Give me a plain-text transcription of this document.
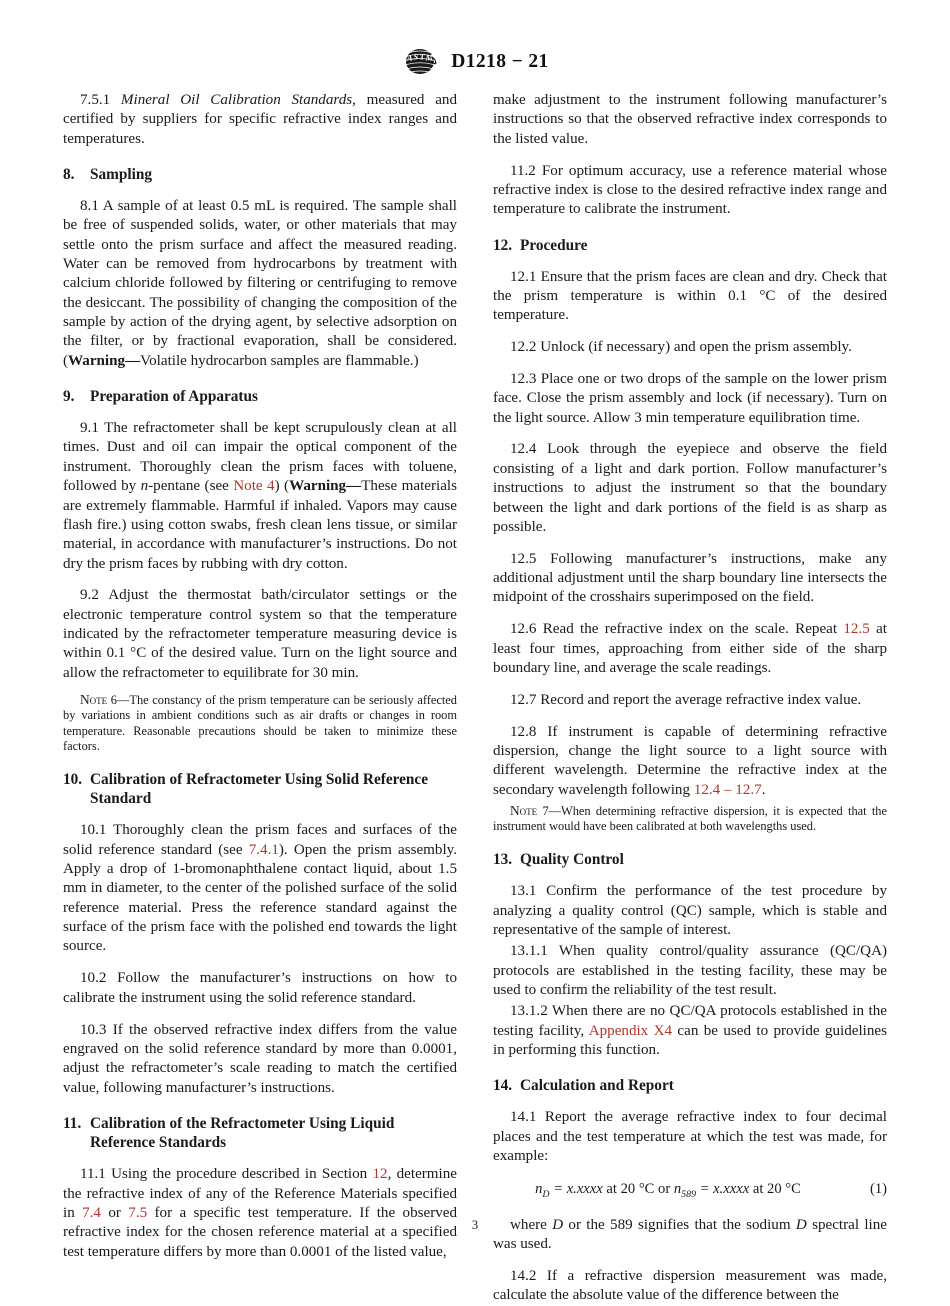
A S T M D1218 − 21

7.5.1 Mineral Oil Calibration Standards, measured and certified by suppliers for specific refractive index ranges and temperatures.

8. Sampling

8.1 A sample of at least 0.5 mL is required. The sample shall be free of suspended solids, water, or other materials that may settle onto the prism surface and affect the measured reading. Water can be removed from hydrocarbons by treatment with calcium chloride followed by filtering or centrifuging to remove the desiccant. The possibility of changing the composition of the sample by action of the drying agent, by selective adsorption on the filter, or by fractional evaporation, shall be considered. (Warning—Volatile hydrocarbon samples are flammable.)

9. Preparation of Apparatus

9.1 The refractometer shall be kept scrupulously clean at all times. Dust and oil can impair the optical component of the instrument. Thoroughly clean the prism faces with toluene, followed by n-pentane (see Note 4) (Warning—These materials are extremely flammable. Harmful if inhaled. Vapors may cause flash fire.) using cotton swabs, fresh clean lens tissue, or similar material, in accordance with manufacturer’s instructions. Do not dry the prism faces by rubbing with dry cotton.

9.2 Adjust the thermostat bath/circulator settings or the electronic temperature control system so that the temperature indicated by the refractometer temperature measuring device is within 0.1 °C of the desired value. Turn on the light source and allow the refractometer to equilibrate for 30 min.

Note 6—The constancy of the prism temperature can be seriously affected by variations in ambient conditions such as air drafts or changes in room temperature. Reasonable precautions should be taken to minimize these factors.

10. Calibration of Refractometer Using Solid Reference
Standard

10.1 Thoroughly clean the prism faces and surfaces of the solid reference standard (see 7.4.1). Open the prism assembly. Apply a drop of 1-bromonaphthalene contact liquid, about 1.5 mm in diameter, to the center of the polished surface of the solid reference material. Press the reference standard against the surface of the prism face with the polished end towards the light source.

10.2 Follow the manufacturer’s instructions on how to calibrate the instrument using the solid reference standard.

10.3 If the observed refractive index differs from the value engraved on the solid reference standard by more than 0.0001, adjust the refractometer’s scale reading to match the certified value, following manufacturer’s instructions.

11. Calibration of the Refractometer Using Liquid
Reference Standards

11.1 Using the procedure described in Section 12, determine the refractive index of any of the Reference Materials specified in 7.4 or 7.5 for a specific test temperature. If the observed refractive index for the chosen reference material at a specified test temperature differs by more than 0.0001 of the listed value,

make adjustment to the instrument following manufacturer’s instructions so that the observed refractive index corresponds to the listed value.

11.2 For optimum accuracy, use a reference material whose refractive index is close to the desired refractive index range and temperature to calibrate the instrument.

12. Procedure

12.1 Ensure that the prism faces are clean and dry. Check that the prism temperature is within 0.1 °C of the desired temperature.

12.2 Unlock (if necessary) and open the prism assembly.

12.3 Place one or two drops of the sample on the lower prism face. Close the prism assembly and lock (if necessary). Turn on the light source. Allow 3 min temperature equilibration time.

12.4 Look through the eyepiece and observe the field consisting of a light and dark portion. Follow manufacturer’s instructions to adjust the instrument so that the boundary between the light and dark portions of the field is as sharp as possible.

12.5 Following manufacturer’s instructions, make any additional adjustment until the sharp boundary line intersects the midpoint of the crosshairs superimposed on the field.

12.6 Read the refractive index on the scale. Repeat 12.5 at least four times, approaching from either side of the sharp boundary line, and average the scale readings.

12.7 Record and report the average refractive index value.

12.8 If instrument is capable of determining refractive dispersion, change the light source to a light source with different wavelength. Determine the refractive index at the secondary wavelength following 12.4 – 12.7.

Note 7—When determining refractive dispersion, it is expected that the instrument would have been calibrated at both wavelengths used.

13. Quality Control

13.1 Confirm the performance of the test procedure by analyzing a quality control (QC) sample, which is stable and representative of the sample of interest.

13.1.1 When quality control/quality assurance (QC/QA) protocols are established in the testing facility, these may be used to confirm the reliability of the test result.

13.1.2 When there are no QC/QA protocols established in the testing facility, Appendix X4 can be used to provide guidelines in performing this function.

14. Calculation and Report

14.1 Report the average refractive index to four decimal places and the test temperature at which the test was made, for example:

$n_D$ = x.xxxx at 20 °C or $n_{589}$ = x.xxxx at 20 °C	(1)

where D or the 589 signifies that the sodium D spectral line was used.

14.2 If a refractive dispersion measurement was made, calculate the absolute value of the difference between the

3
